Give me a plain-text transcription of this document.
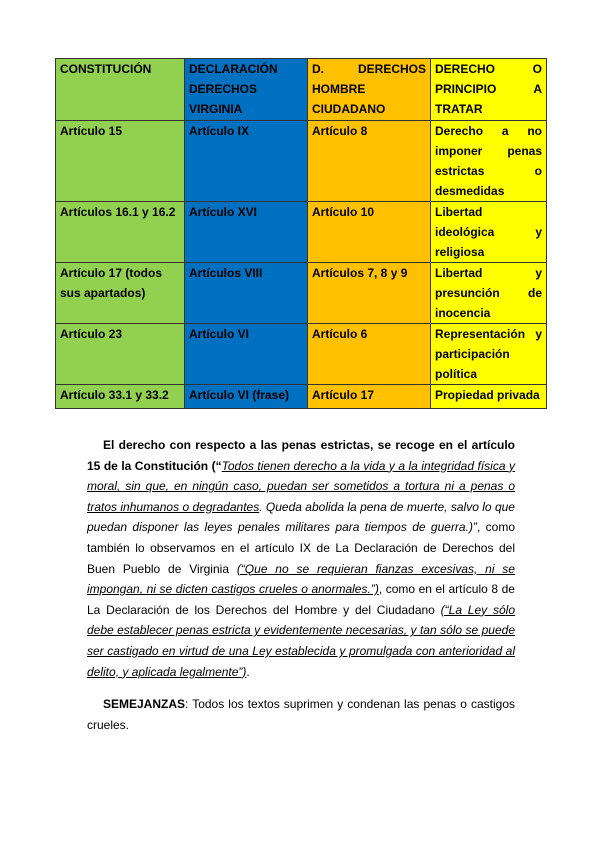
CONSTITUCIÓN	DECLARACIÓN DERECHOS VIRGINIA	D. DERECHOS HOMBRE CIUDADANO	DERECHO O PRINCIPIO A TRATAR
Artículo 15	Artículo IX	Artículo 8	Derecho a no imponer penas estrictas o desmedidas
Artículos 16.1 y 16.2	Artículo XVI	Artículo 10	Libertad ideológica y religiosa
Artículo 17 (todos sus apartados)	Artículos VIII	Artículos 7, 8 y 9	Libertad y presunción de inocencia
Artículo 23	Artículo VI	Artículo 6	Representación y participación política
Artículo 33.1 y 33.2	Artículo VI (frase)	Artículo 17	Propiedad privada

El derecho con respecto a las penas estrictas, se recoge en el artículo 15 de la Constitución (“Todos tienen derecho a la vida y a la integridad física y moral, sin que, en ningún caso, puedan ser sometidos a tortura ni a penas o tratos inhumanos o degradantes. Queda abolida la pena de muerte, salvo lo que puedan disponer las leyes penales militares para tiempos de guerra.)”, como también lo observamos en el artículo IX de La Declaración de Derechos del Buen Pueblo de Virginia (“Que no se requieran fianzas excesivas, ni se impongan, ni se dicten castigos crueles o anormales.”), como en el artículo 8 de La Declaración de los Derechos del Hombre y del Ciudadano (“La Ley sólo debe establecer penas estricta y evidentemente necesarias, y tan sólo se puede ser castigado en virtud de una Ley establecida y promulgada con anterioridad al delito, y aplicada legalmente”).

SEMEJANZAS: Todos los textos suprimen y condenan las penas o castigos crueles.
